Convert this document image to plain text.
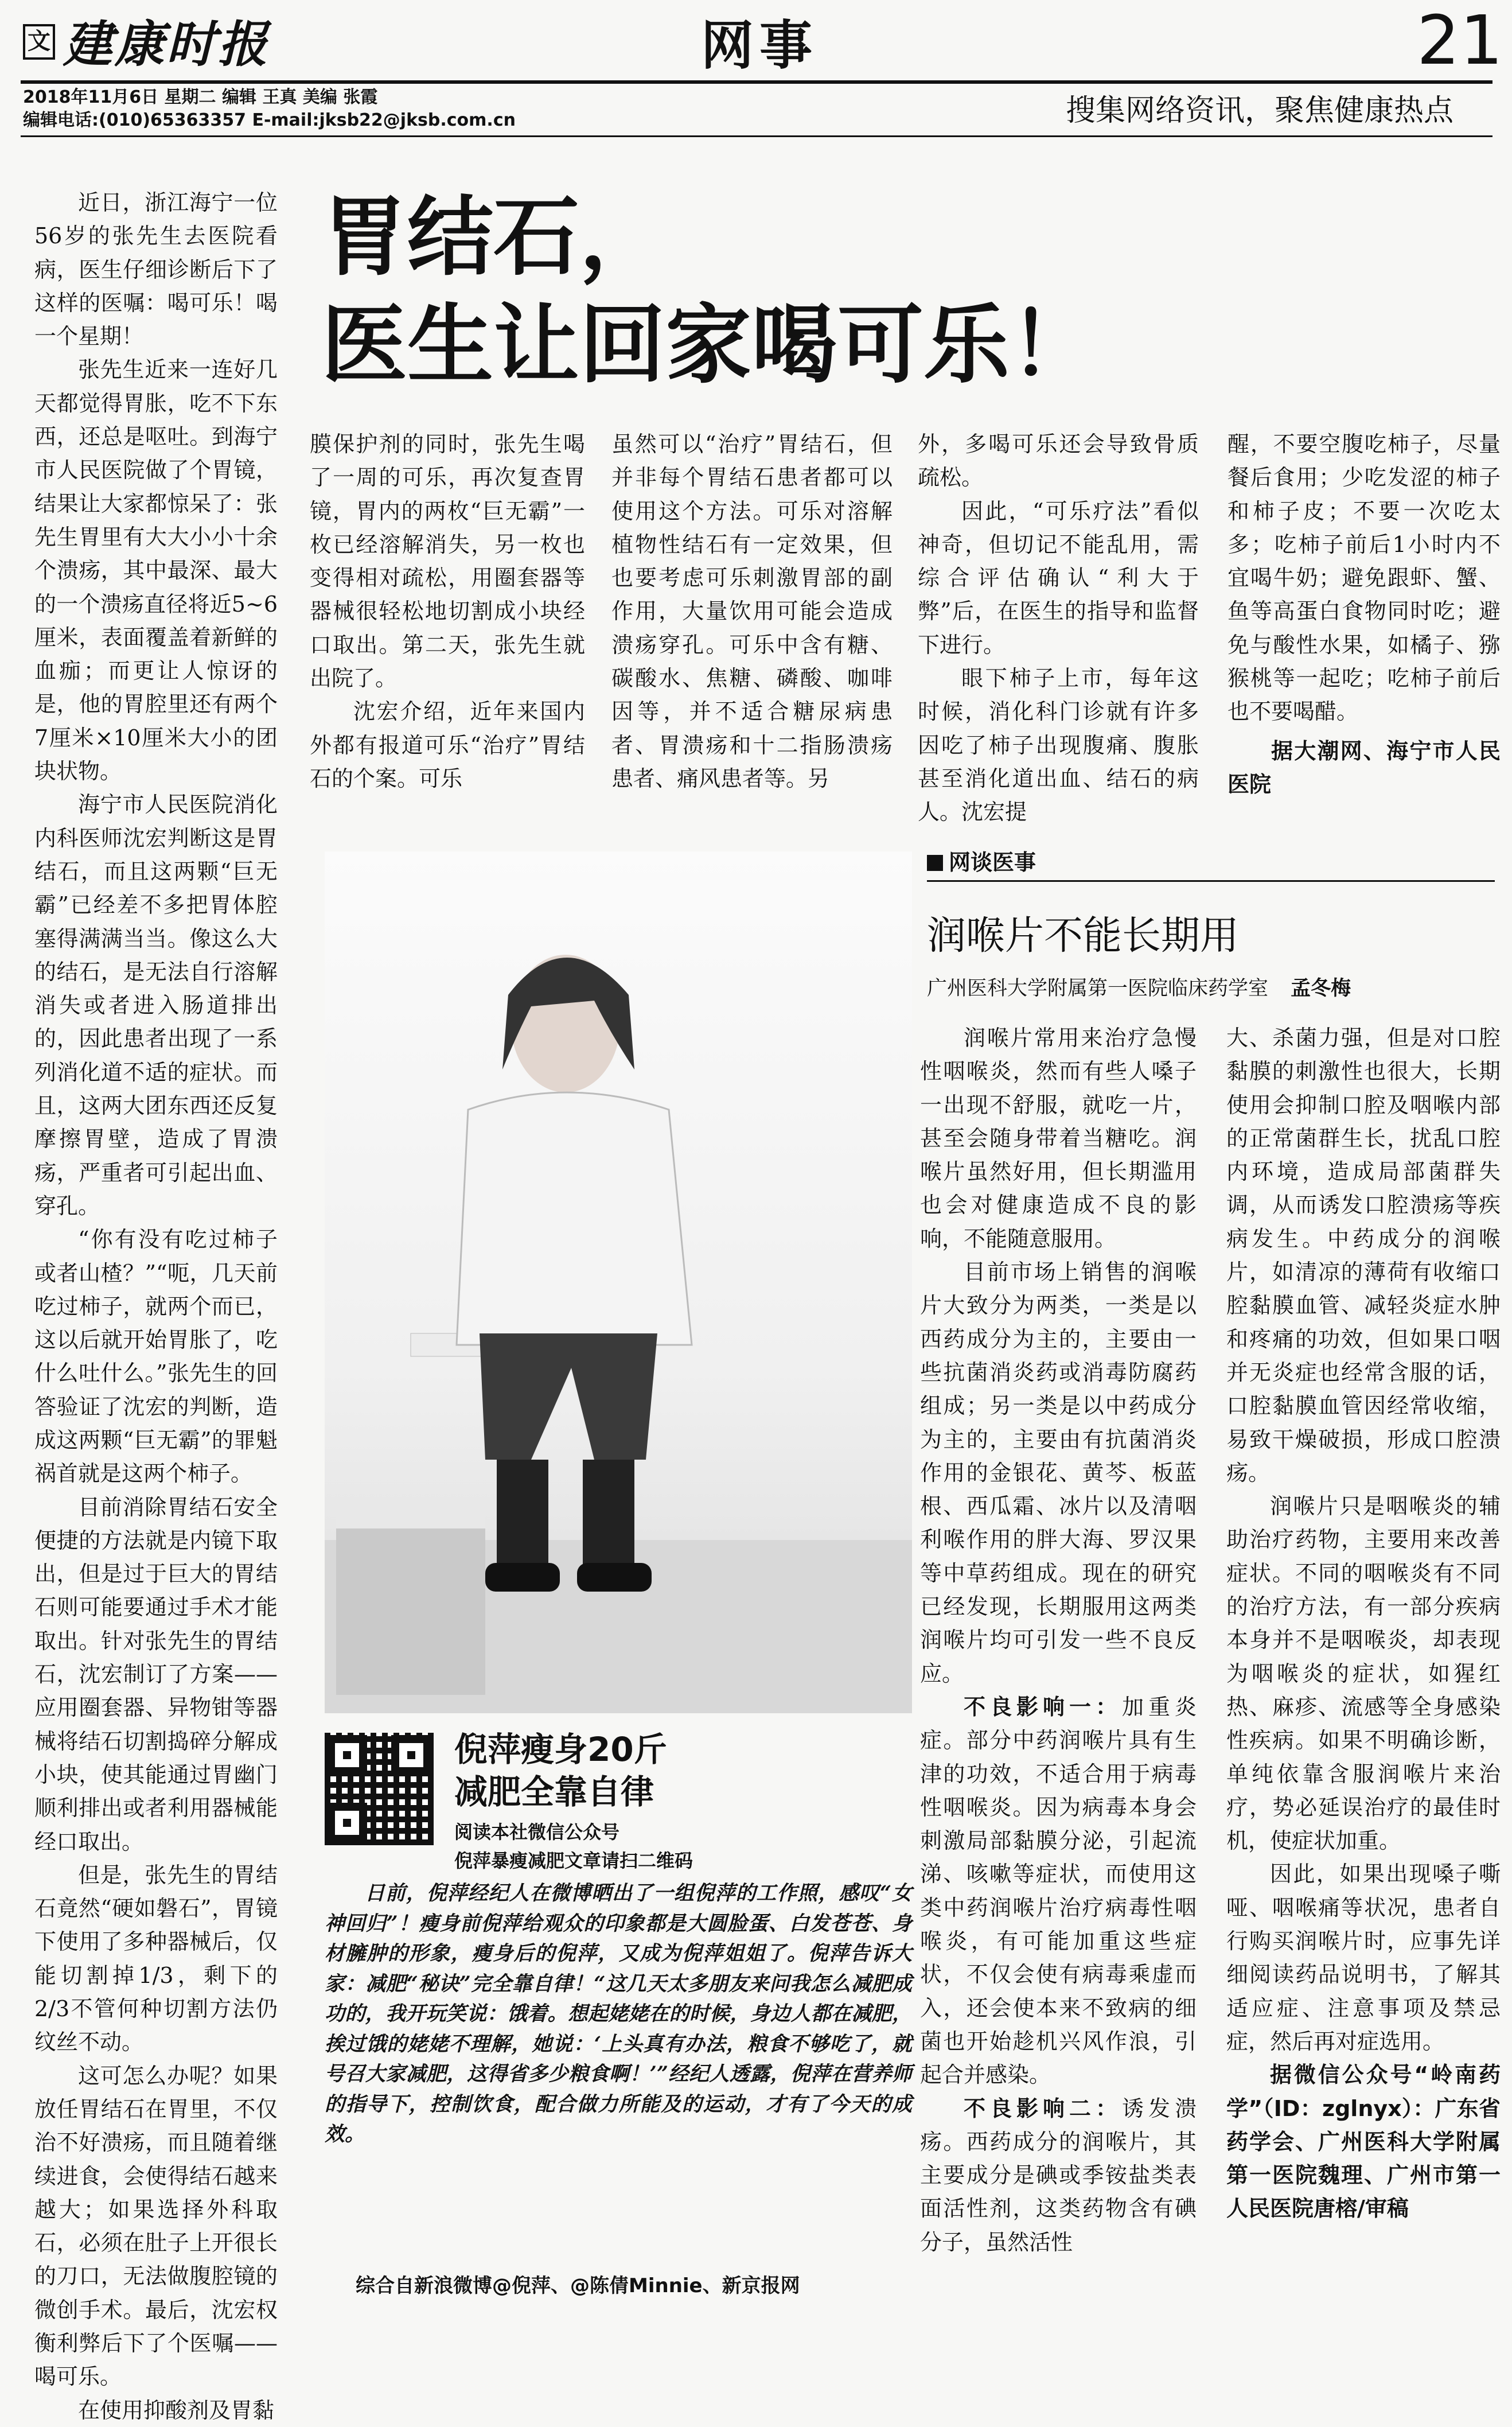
文 建康时报	网事	21
2018年11月6日 星期二 编辑 王真 美编 张霞
编辑电话:(010)65363357 E-mail:jksb22@jksb.com.cn	搜集网络资讯，聚焦健康热点

近日，浙江海宁一位56岁的张先生去医院看病，医生仔细诊断后下了这样的医嘱：喝可乐！喝一个星期！

张先生近来一连好几天都觉得胃胀，吃不下东西，还总是呕吐。到海宁市人民医院做了个胃镜，结果让大家都惊呆了：张先生胃里有大大小小十余个溃疡，其中最深、最大的一个溃疡直径将近5~6厘米，表面覆盖着新鲜的血痂；而更让人惊讶的是，他的胃腔里还有两个7厘米×10厘米大小的团块状物。

海宁市人民医院消化内科医师沈宏判断这是胃结石，而且这两颗“巨无霸”已经差不多把胃体腔塞得满满当当。像这么大的结石，是无法自行溶解消失或者进入肠道排出的，因此患者出现了一系列消化道不适的症状。而且，这两大团东西还反复摩擦胃壁，造成了胃溃疡，严重者可引起出血、穿孔。

“你有没有吃过柿子或者山楂？”“呃，几天前吃过柿子，就两个而已，这以后就开始胃胀了，吃什么吐什么。”张先生的回答验证了沈宏的判断，造成这两颗“巨无霸”的罪魁祸首就是这两个柿子。

目前消除胃结石安全便捷的方法就是内镜下取出，但是过于巨大的胃结石则可能要通过手术才能取出。针对张先生的胃结石，沈宏制订了方案——应用圈套器、异物钳等器械将结石切割捣碎分解成小块，使其能通过胃幽门顺利排出或者利用器械能经口取出。

但是，张先生的胃结石竟然“硬如磐石”，胃镜下使用了多种器械后，仅能切割掉1/3，剩下的2/3不管何种切割方法仍纹丝不动。

这可怎么办呢？如果放任胃结石在胃里，不仅治不好溃疡，而且随着继续进食，会使得结石越来越大；如果选择外科取石，必须在肚子上开很长的刀口，无法做腹腔镜的微创手术。最后，沈宏权衡利弊后下了个医嘱——喝可乐。

在使用抑酸剂及胃黏

胃结石，
医生让回家喝可乐！

膜保护剂的同时，张先生喝了一周的可乐，再次复查胃镜，胃内的两枚“巨无霸”一枚已经溶解消失，另一枚也变得相对疏松，用圈套器等器械很轻松地切割成小块经口取出。第二天，张先生就出院了。

沈宏介绍，近年来国内外都有报道可乐“治疗”胃结石的个案。可乐

虽然可以“治疗”胃结石，但并非每个胃结石患者都可以使用这个方法。可乐对溶解植物性结石有一定效果，但也要考虑可乐刺激胃部的副作用，大量饮用可能会造成溃疡穿孔。可乐中含有糖、碳酸水、焦糖、磷酸、咖啡因等，并不适合糖尿病患者、胃溃疡和十二指肠溃疡患者、痛风患者等。另

外，多喝可乐还会导致骨质疏松。

因此，“可乐疗法”看似神奇，但切记不能乱用，需综合评估确认“利大于弊”后，在医生的指导和监督下进行。

眼下柿子上市，每年这时候，消化科门诊就有许多因吃了柿子出现腹痛、腹胀甚至消化道出血、结石的病人。沈宏提

醒，不要空腹吃柿子，尽量餐后食用；少吃发涩的柿子和柿子皮；不要一次吃太多；吃柿子前后1小时内不宜喝牛奶；避免跟虾、蟹、鱼等高蛋白食物同时吃；避免与酸性水果，如橘子、猕猴桃等一起吃；吃柿子前后也不要喝醋。

据大潮网、海宁市人民医院

倪萍瘦身20斤
减肥全靠自律
阅读本社微信公众号
倪萍暴瘦减肥文章请扫二维码
日前，倪萍经纪人在微博晒出了一组倪萍的工作照，感叹“女神回归”！瘦身前倪萍给观众的印象都是大圆脸蛋、白发苍苍、身材臃肿的形象，瘦身后的倪萍，又成为倪萍姐姐了。倪萍告诉大家：减肥“秘诀”完全靠自律！“这几天太多朋友来问我怎么减肥成功的，我开玩笑说：饿着。想起姥姥在的时候，身边人都在减肥，挨过饿的姥姥不理解，她说：‘上头真有办法，粮食不够吃了，就号召大家减肥，这得省多少粮食啊！’”经纪人透露，倪萍在营养师的指导下，控制饮食，配合做力所能及的运动，才有了今天的成效。
综合自新浪微博@倪萍、@陈倩Minnie、新京报网
网谈医事
润喉片不能长期用
广州医科大学附属第一医院临床药学室 孟冬梅

润喉片常用来治疗急慢性咽喉炎，然而有些人嗓子一出现不舒服，就吃一片，甚至会随身带着当糖吃。润喉片虽然好用，但长期滥用也会对健康造成不良的影响，不能随意服用。

目前市场上销售的润喉片大致分为两类，一类是以西药成分为主的，主要由一些抗菌消炎药或消毒防腐药组成；另一类是以中药成分为主的，主要由有抗菌消炎作用的金银花、黄芩、板蓝根、西瓜霜、冰片以及清咽利喉作用的胖大海、罗汉果等中草药组成。现在的研究已经发现，长期服用这两类润喉片均可引发一些不良反应。

不良影响一：加重炎症。部分中药润喉片具有生津的功效，不适合用于病毒性咽喉炎。因为病毒本身会刺激局部黏膜分泌，引起流涕、咳嗽等症状，而使用这类中药润喉片治疗病毒性咽喉炎，有可能加重这些症状，不仅会使有病毒乘虚而入，还会使本来不致病的细菌也开始趁机兴风作浪，引起合并感染。

不良影响二：诱发溃疡。西药成分的润喉片，其主要成分是碘或季铵盐类表面活性剂，这类药物含有碘分子，虽然活性

大、杀菌力强，但是对口腔黏膜的刺激性也很大，长期使用会抑制口腔及咽喉内部的正常菌群生长，扰乱口腔内环境，造成局部菌群失调，从而诱发口腔溃疡等疾病发生。中药成分的润喉片，如清凉的薄荷有收缩口腔黏膜血管、减轻炎症水肿和疼痛的功效，但如果口咽并无炎症也经常含服的话，口腔黏膜血管因经常收缩，易致干燥破损，形成口腔溃疡。

润喉片只是咽喉炎的辅助治疗药物，主要用来改善症状。不同的咽喉炎有不同的治疗方法，有一部分疾病本身并不是咽喉炎，却表现为咽喉炎的症状，如猩红热、麻疹、流感等全身感染性疾病。如果不明确诊断，单纯依靠含服润喉片来治疗，势必延误治疗的最佳时机，使症状加重。

因此，如果出现嗓子嘶哑、咽喉痛等状况，患者自行购买润喉片时，应事先详细阅读药品说明书，了解其适应症、注意事项及禁忌症，然后再对症选用。

据微信公众号“岭南药学”（ID：zglnyx）：广东省药学会、广州医科大学附属第一医院魏理、广州市第一人民医院唐榕/审稿
